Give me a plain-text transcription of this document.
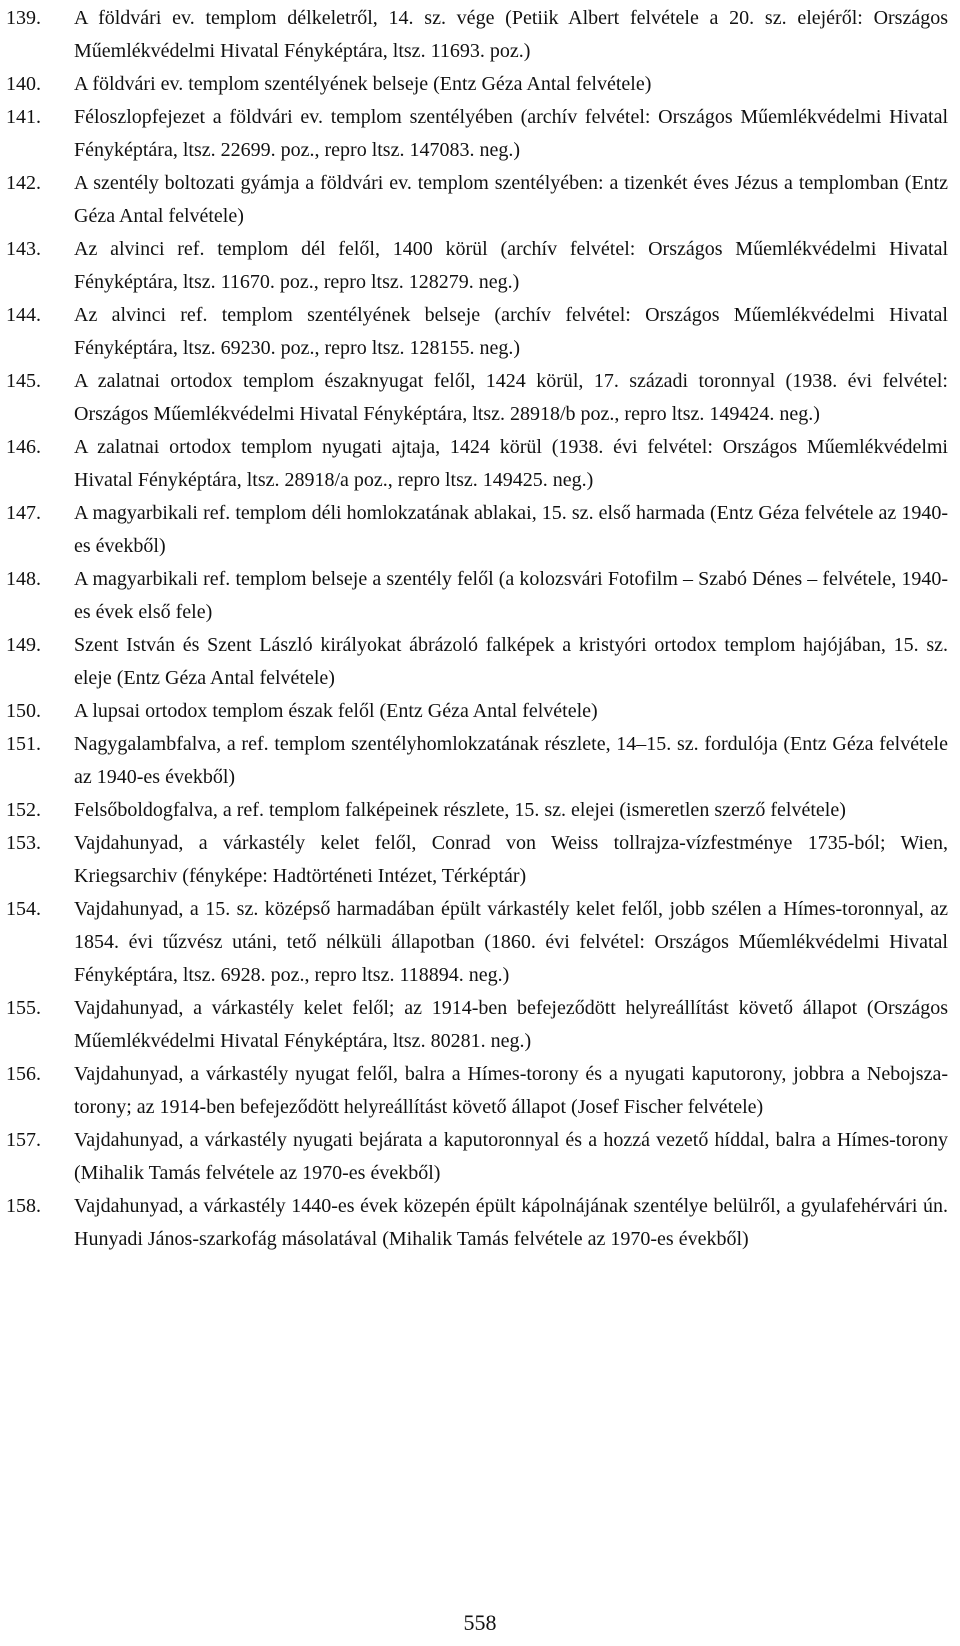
139.	A földvári ev. templom délkeletről, 14. sz. vége (Petiik Albert felvétele a 20. sz. elejéről: Országos Műemlékvédelmi Hivatal Fényképtára, ltsz. 11693. poz.)
140.	A földvári ev. templom szentélyének belseje (Entz Géza Antal felvétele)
141.	Féloszlopfejezet a földvári ev. templom szentélyében (archív felvétel: Országos Műemlékvédelmi Hivatal Fényképtára, ltsz. 22699. poz., repro ltsz. 147083. neg.)
142.	A szentély boltozati gyámja a földvári ev. templom szentélyében: a tizenkét éves Jézus a templomban (Entz Géza Antal felvétele)
143.	Az alvinci ref. templom dél felől, 1400 körül (archív felvétel: Országos Műemlékvédelmi Hivatal Fényképtára, ltsz. 11670. poz., repro ltsz. 128279. neg.)
144.	Az alvinci ref. templom szentélyének belseje (archív felvétel: Országos Műemlékvédelmi Hivatal Fényképtára, ltsz. 69230. poz., repro ltsz. 128155. neg.)
145.	A zalatnai ortodox templom északnyugat felől, 1424 körül, 17. századi toronnyal (1938. évi felvétel: Országos Műemlékvédelmi Hivatal Fényképtára, ltsz. 28918/b poz., repro ltsz. 149424. neg.)
146.	A zalatnai ortodox templom nyugati ajtaja, 1424 körül (1938. évi felvétel: Országos Műemlékvédelmi Hivatal Fényképtára, ltsz. 28918/a poz., repro ltsz. 149425. neg.)
147.	A magyarbikali ref. templom déli homlokzatának ablakai, 15. sz. első harmada (Entz Géza felvétele az 1940-es évekből)
148.	A magyarbikali ref. templom belseje a szentély felől (a kolozsvári Fotofilm – Szabó Dénes – felvétele, 1940-es évek első fele)
149.	Szent István és Szent László királyokat ábrázoló falképek a kristyóri ortodox templom hajójában, 15. sz. eleje (Entz Géza Antal felvétele)
150.	A lupsai ortodox templom észak felől (Entz Géza Antal felvétele)
151.	Nagygalambfalva, a ref. templom szentélyhomlokzatának részlete, 14–15. sz. fordulója (Entz Géza felvétele az 1940-es évekből)
152.	Felsőboldogfalva, a ref. templom falképeinek részlete, 15. sz. elejei (ismeretlen szerző felvétele)
153.	Vajdahunyad, a várkastély kelet felől, Conrad von Weiss tollrajza-vízfestménye 1735-ból; Wien, Kriegsarchiv (fényképe: Hadtörténeti Intézet, Térképtár)
154.	Vajdahunyad, a 15. sz. középső harmadában épült várkastély kelet felől, jobb szélen a Hímes-toronnyal, az 1854. évi tűzvész utáni, tető nélküli állapotban (1860. évi felvétel: Országos Műemlékvédelmi Hivatal Fényképtára, ltsz. 6928. poz., repro ltsz. 118894. neg.)
155.	Vajdahunyad, a várkastély kelet felől; az 1914-ben befejeződött helyreállítást követő állapot (Országos Műemlékvédelmi Hivatal Fényképtára, ltsz. 80281. neg.)
156.	Vajdahunyad, a várkastély nyugat felől, balra a Hímes-torony és a nyugati kaputorony, jobbra a Nebojsza-torony; az 1914-ben befejeződött helyreállítást követő állapot (Josef Fischer felvétele)
157.	Vajdahunyad, a várkastély nyugati bejárata a kaputoronnyal és a hozzá vezető híddal, balra a Hímes-torony (Mihalik Tamás felvétele az 1970-es évekből)
158.	Vajdahunyad, a várkastély 1440-es évek közepén épült kápolnájának szentélye belülről, a gyulafehérvári ún. Hunyadi János-szarkofág másolatával (Mihalik Tamás felvétele az 1970-es évekből)
558
